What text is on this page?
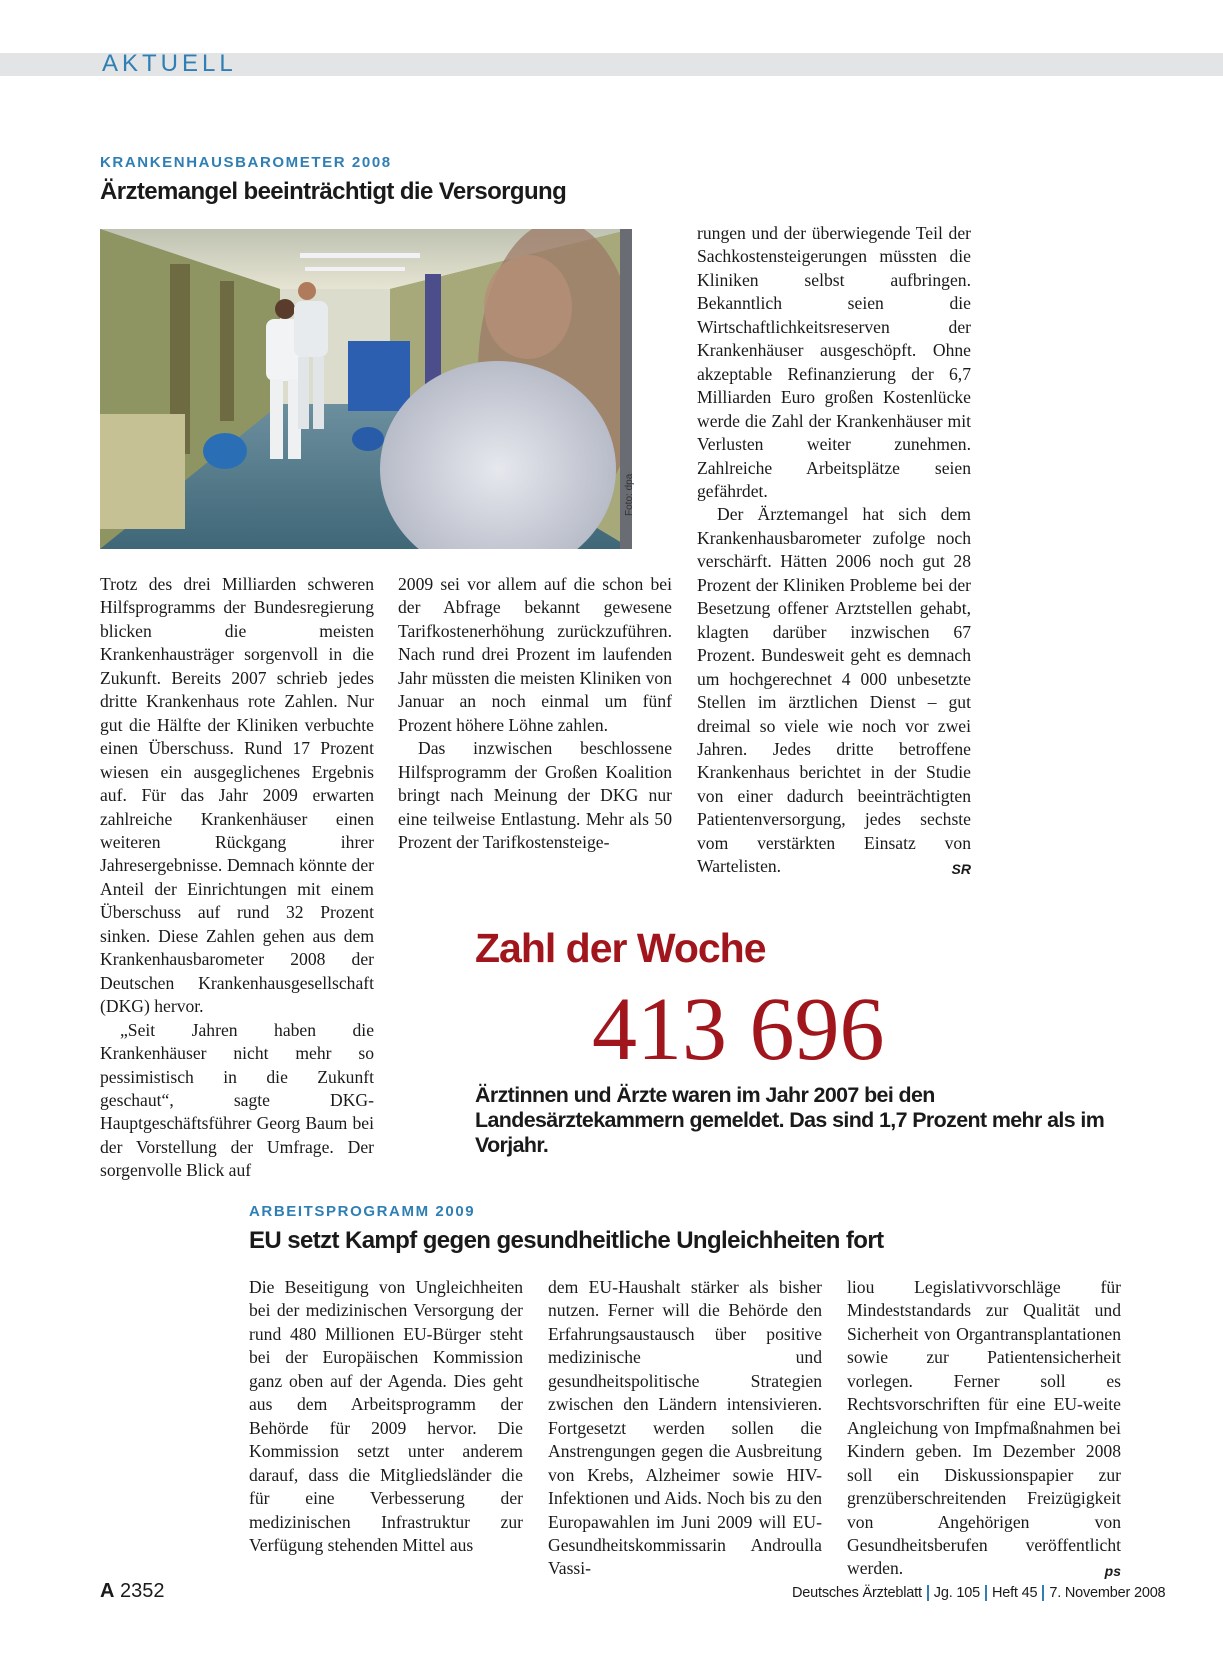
AKTUELL
KRANKENHAUSBAROMETER 2008
Ärztemangel beeinträchtigt die Versorgung
Foto: dpa

Trotz des drei Milliarden schweren Hilfsprogramms der Bundesregierung blicken die meisten Krankenhausträger sorgenvoll in die Zukunft. Bereits 2007 schrieb jedes dritte Krankenhaus rote Zahlen. Nur gut die Hälfte der Kliniken verbuchte einen Überschuss. Rund 17 Prozent wiesen ein ausgeglichenes Ergebnis auf. Für das Jahr 2009 erwarten zahlreiche Krankenhäuser einen weiteren Rückgang ihrer Jahresergebnisse. Demnach könnte der Anteil der Einrichtungen mit einem Überschuss auf rund 32 Prozent sinken. Diese Zahlen gehen aus dem Krankenhausbarometer 2008 der Deutschen Krankenhausgesellschaft (DKG) hervor.

„Seit Jahren haben die Krankenhäuser nicht mehr so pessimistisch in die Zukunft geschaut“, sagte DKG-Hauptgeschäftsführer Georg Baum bei der Vorstellung der Umfrage. Der sorgenvolle Blick auf

2009 sei vor allem auf die schon bei der Abfrage bekannt gewesene Tarifkostenerhöhung zurückzuführen. Nach rund drei Prozent im laufenden Jahr müssten die meisten Kliniken von Januar an noch einmal um fünf Prozent höhere Löhne zahlen.

Das inzwischen beschlossene Hilfsprogramm der Großen Koalition bringt nach Meinung der DKG nur eine teilweise Entlastung. Mehr als 50 Prozent der Tarifkostensteige-

rungen und der überwiegende Teil der Sachkostensteigerungen müssten die Kliniken selbst aufbringen. Bekanntlich seien die Wirtschaftlichkeitsreserven der Krankenhäuser ausgeschöpft. Ohne akzeptable Refinanzierung der 6,7 Milliarden Euro großen Kostenlücke werde die Zahl der Krankenhäuser mit Verlusten weiter zunehmen. Zahlreiche Arbeitsplätze seien gefährdet.

Der Ärztemangel hat sich dem Krankenhausbarometer zufolge noch verschärft. Hätten 2006 noch gut 28 Prozent der Kliniken Probleme bei der Besetzung offener Arztstellen gehabt, klagten darüber inzwischen 67 Prozent. Bundesweit geht es demnach um hochgerechnet 4 000 unbesetzte Stellen im ärztlichen Dienst – gut dreimal so viele wie noch vor zwei Jahren. Jedes dritte betroffene Krankenhaus berichtet in der Studie von einer dadurch beeinträchtigten Patientenversorgung, jedes sechste vom verstärkten Einsatz von Wartelisten.	SR

Zahl der Woche
413 696
Ärztinnen und Ärzte waren im Jahr 2007 bei den Landesärztekammern gemeldet. Das sind 1,7 Prozent mehr als im Vorjahr.
ARBEITSPROGRAMM 2009
EU setzt Kampf gegen gesundheitliche Ungleichheiten fort

Die Beseitigung von Ungleichheiten bei der medizinischen Versorgung der rund 480 Millionen EU-Bürger steht bei der Europäischen Kommission ganz oben auf der Agenda. Dies geht aus dem Arbeitsprogramm der Behörde für 2009 hervor. Die Kommission setzt unter anderem darauf, dass die Mitgliedsländer die für eine Verbesserung der medizinischen Infrastruktur zur Verfügung stehenden Mittel aus

dem EU-Haushalt stärker als bisher nutzen. Ferner will die Behörde den Erfahrungsaustausch über positive medizinische und gesundheitspolitische Strategien zwischen den Ländern intensivieren. Fortgesetzt werden sollen die Anstrengungen gegen die Ausbreitung von Krebs, Alzheimer sowie HIV-Infektionen und Aids. Noch bis zu den Europawahlen im Juni 2009 will EU-Gesundheitskommissarin Androulla Vassi-

liou Legislativvorschläge für Mindeststandards zur Qualität und Sicherheit von Organtransplantationen sowie zur Patientensicherheit vorlegen. Ferner soll es Rechtsvorschriften für eine EU-weite Angleichung von Impfmaßnahmen bei Kindern geben. Im Dezember 2008 soll ein Diskussionspapier zur grenzüberschreitenden Freizügigkeit von Angehörigen von Gesundheitsberufen veröffentlicht werden.	ps

A 2352	Deutsches Ärzteblatt Jg. 105 Heft 45 7. November 2008
